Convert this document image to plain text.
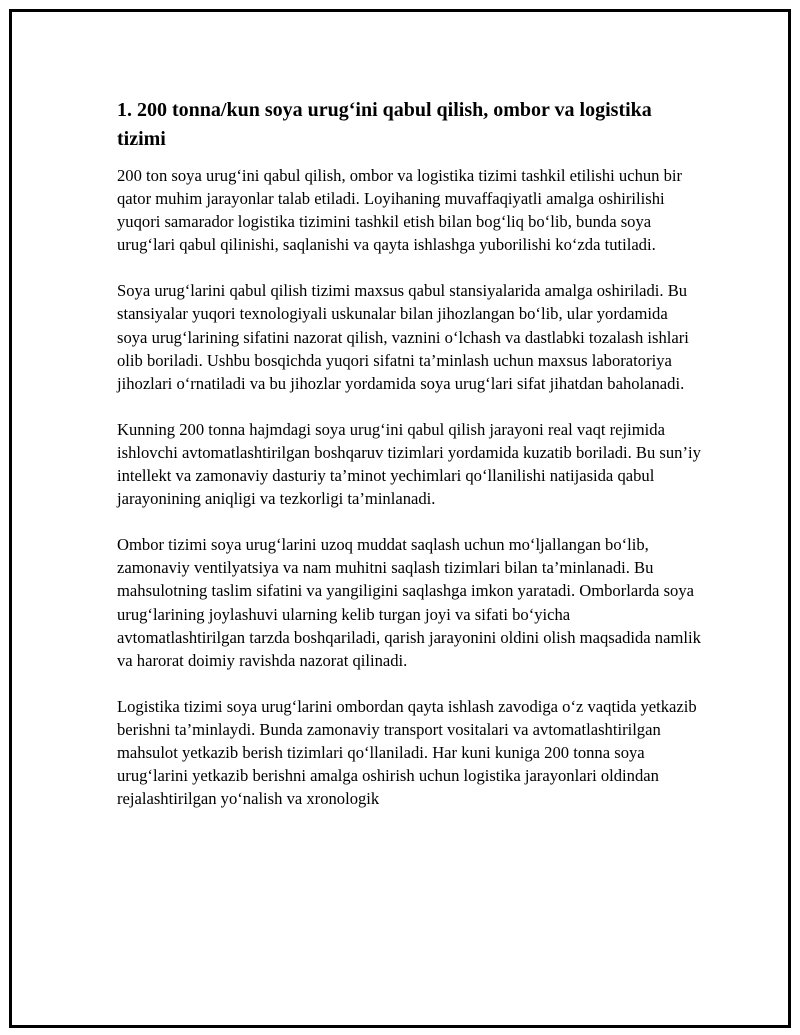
1. 200 tonna/kun soya urug‘ini qabul qilish, ombor va logistika tizimi

200 ton soya urug‘ini qabul qilish, ombor va logistika tizimi tashkil etilishi uchun bir qator muhim jarayonlar talab etiladi. Loyihaning muvaffaqiyatli amalga oshirilishi yuqori samarador logistika tizimini tashkil etish bilan bog‘liq bo‘lib, bunda soya urug‘lari qabul qilinishi, saqlanishi va qayta ishlashga yuborilishi ko‘zda tutiladi.

Soya urug‘larini qabul qilish tizimi maxsus qabul stansiyalarida amalga oshiriladi. Bu stansiyalar yuqori texnologiyali uskunalar bilan jihozlangan bo‘lib, ular yordamida soya urug‘larining sifatini nazorat qilish, vaznini o‘lchash va dastlabki tozalash ishlari olib boriladi. Ushbu bosqichda yuqori sifatni ta’minlash uchun maxsus laboratoriya jihozlari o‘rnatiladi va bu jihozlar yordamida soya urug‘lari sifat jihatdan baholanadi.

Kunning 200 tonna hajmdagi soya urug‘ini qabul qilish jarayoni real vaqt rejimida ishlovchi avtomatlashtirilgan boshqaruv tizimlari yordamida kuzatib boriladi. Bu sun’iy intellekt va zamonaviy dasturiy ta’minot yechimlari qo‘llanilishi natijasida qabul jarayonining aniqligi va tezkorligi ta’minlanadi.

Ombor tizimi soya urug‘larini uzoq muddat saqlash uchun mo‘ljallangan bo‘lib, zamonaviy ventilyatsiya va nam muhitni saqlash tizimlari bilan ta’minlanadi. Bu mahsulotning taslim sifatini va yangiligini saqlashga imkon yaratadi. Omborlarda soya urug‘larining joylashuvi ularning kelib turgan joyi va sifati bo‘yicha avtomatlashtirilgan tarzda boshqariladi, qarish jarayonini oldini olish maqsadida namlik va harorat doimiy ravishda nazorat qilinadi.

Logistika tizimi soya urug‘larini ombordan qayta ishlash zavodiga o‘z vaqtida yetkazib berishni ta’minlaydi. Bunda zamonaviy transport vositalari va avtomatlashtirilgan mahsulot yetkazib berish tizimlari qo‘llaniladi. Har kuni kuniga 200 tonna soya urug‘larini yetkazib berishni amalga oshirish uchun logistika jarayonlari oldindan rejalashtirilgan yo‘nalish va xronologik
